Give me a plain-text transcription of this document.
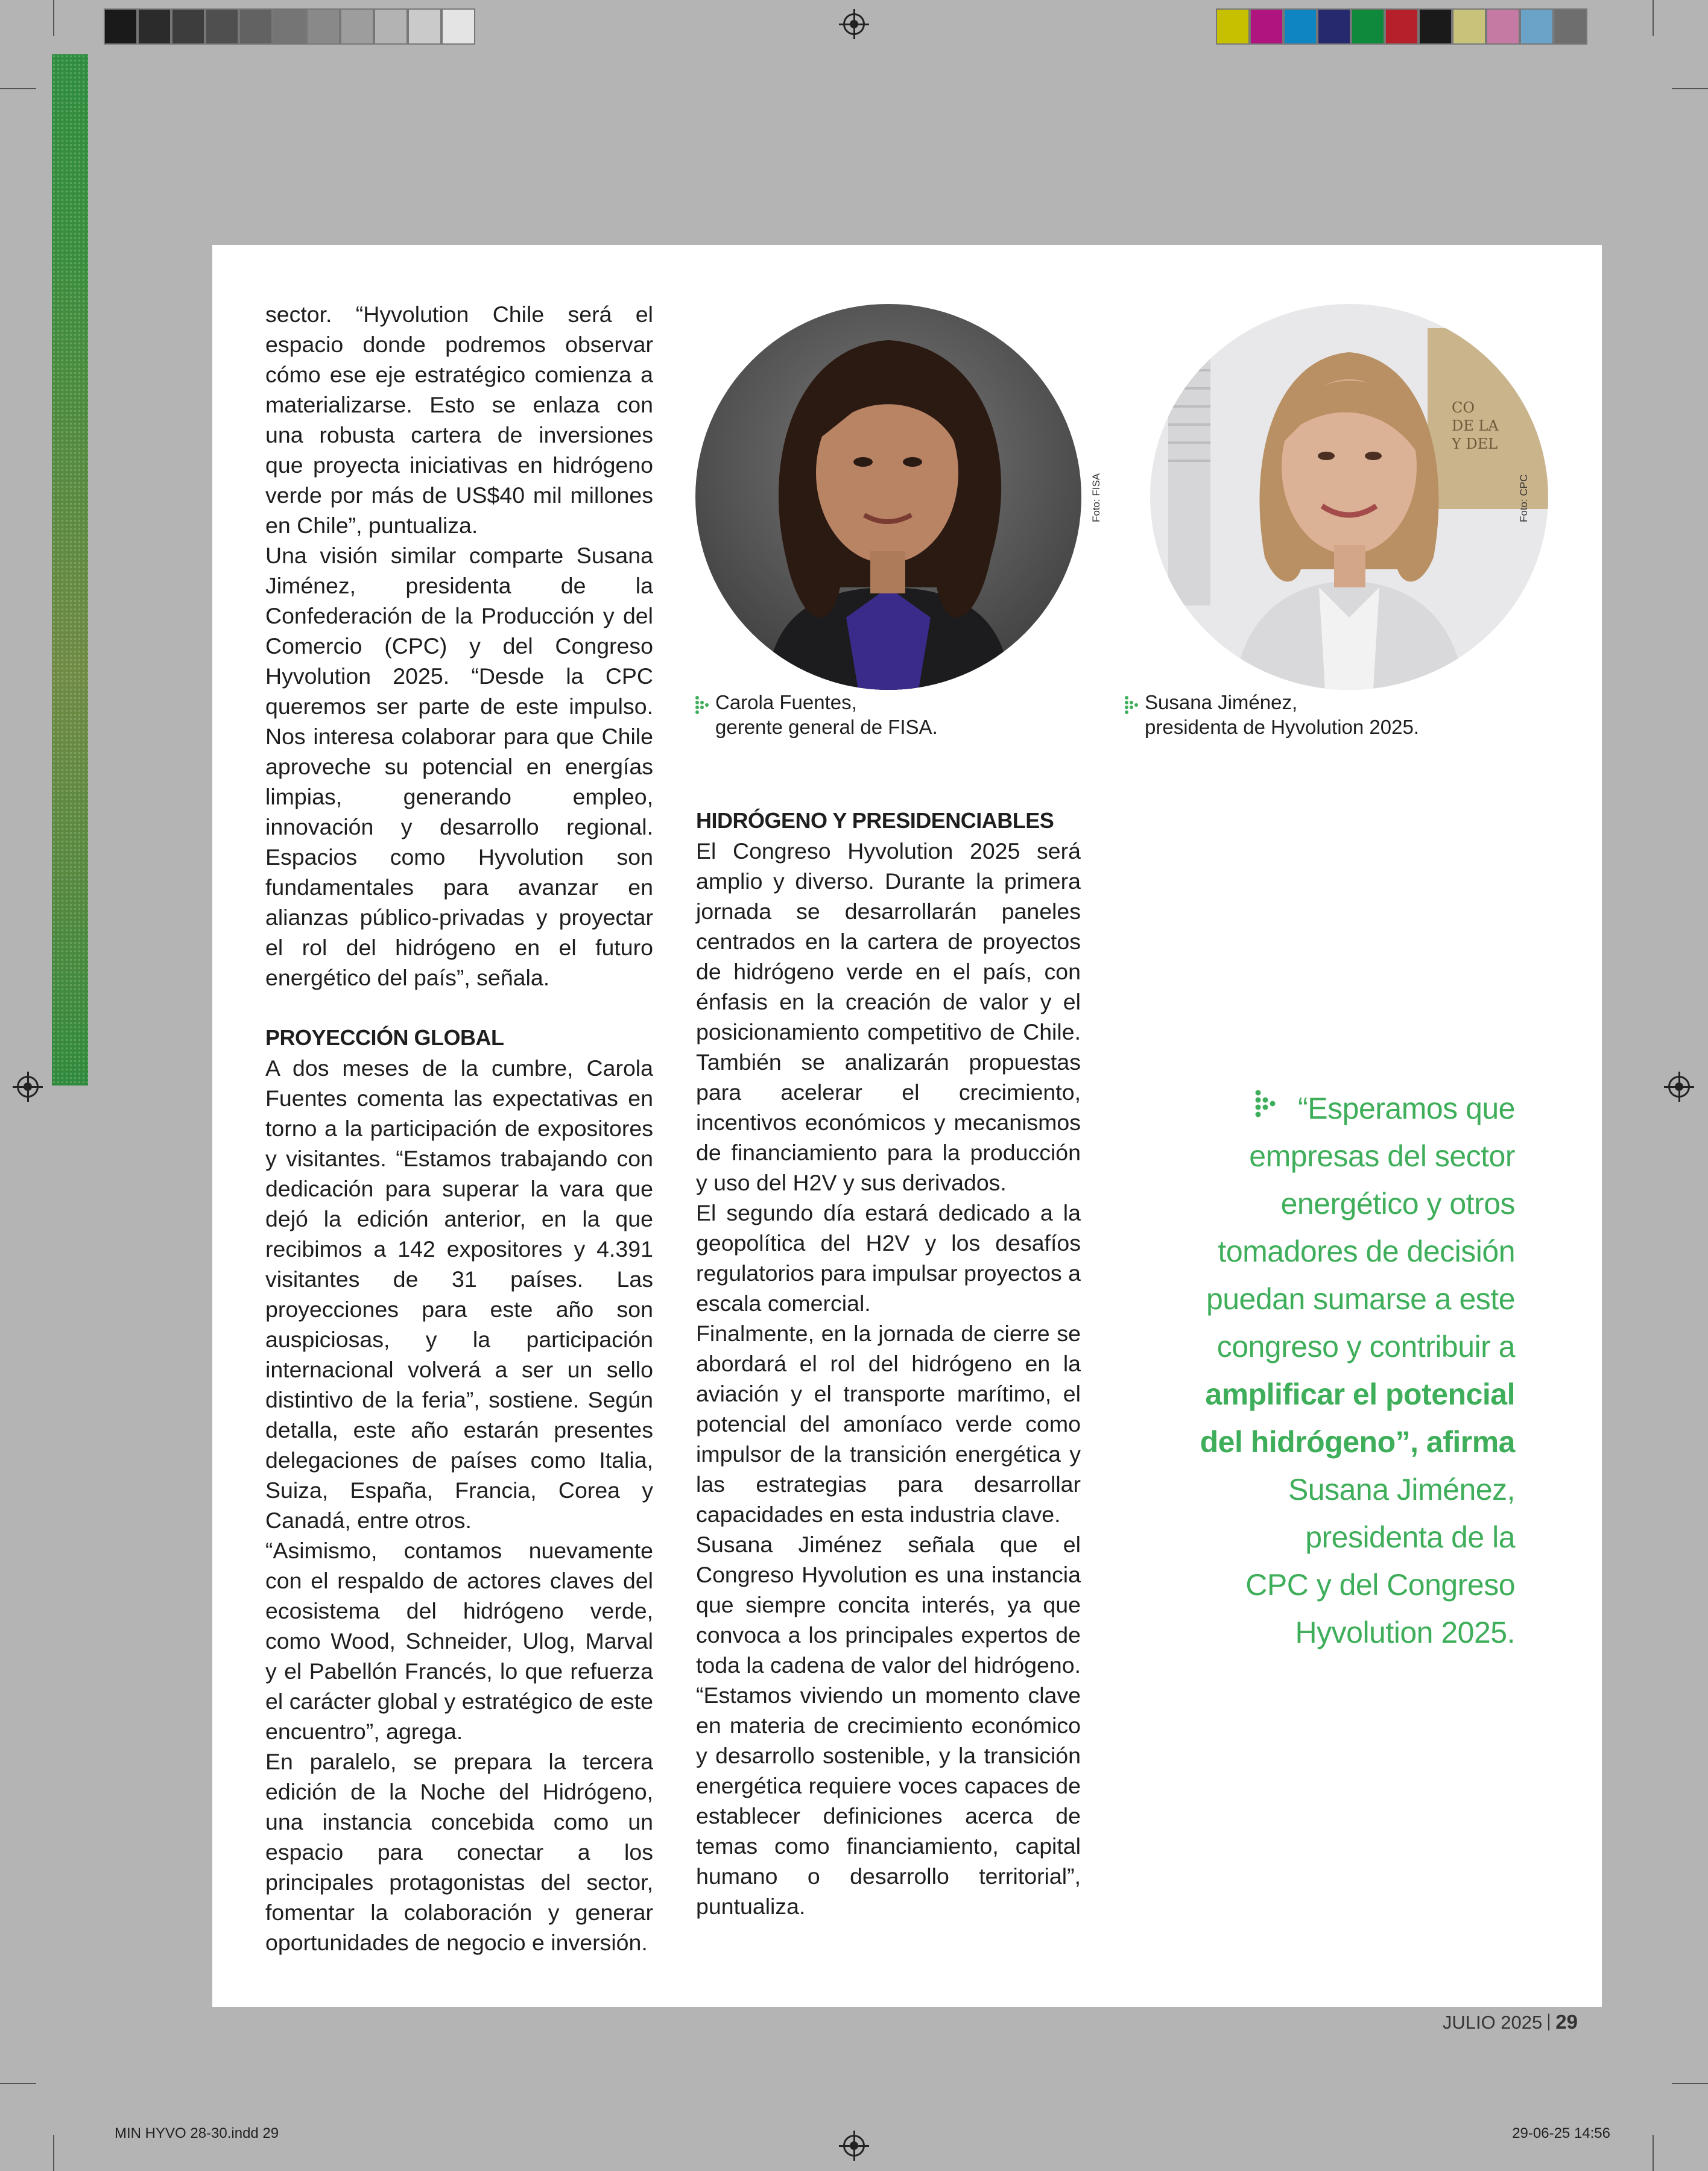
sector. “Hyvolution Chile será el espacio donde podremos observar cómo ese eje estratégico comienza a materializarse. Esto se enlaza con una robusta cartera de inversiones que proyecta iniciativas en hidrógeno verde por más de US$40 mil millones en Chile”, puntualiza.

Una visión similar comparte Susana Jiménez, presidenta de la Confederación de la Producción y del Comercio (CPC) y del Congreso Hyvolution 2025. “Desde la CPC queremos ser parte de este impulso. Nos interesa colaborar para que Chile aproveche su potencial en energías limpias, generando empleo, innovación y desarrollo regional. Espacios como Hyvolution son fundamentales para avanzar en alianzas público-privadas y proyectar el rol del hidrógeno en el futuro energético del país”, señala.

PROYECCIÓN GLOBAL

A dos meses de la cumbre, Carola Fuentes comenta las expectativas en torno a la participación de expositores y visitantes. “Estamos trabajando con dedicación para superar la vara que dejó la edición anterior, en la que recibimos a 142 expositores y 4.391 visitantes de 31 países. Las proyecciones para este año son auspiciosas, y la participación internacional volverá a ser un sello distintivo de la feria”, sostiene. Según detalla, este año estarán presentes delegaciones de países como Italia, Suiza, España, Francia, Corea y Canadá, entre otros.

“Asimismo, contamos nuevamente con el respaldo de actores claves del ecosistema del hidrógeno verde, como Wood, Schneider, Ulog, Marval y el Pabellón Francés, lo que refuerza el carácter global y estratégico de este encuentro”, agrega.

En paralelo, se prepara la tercera edición de la Noche del Hidrógeno, una instancia concebida como un espacio para conectar a los principales protagonistas del sector, fomentar la colaboración y generar oportunidades de negocio e inversión.

Foto: FISA
Carola Fuentes,
gerente general de FISA.
CO
DE LA
Y DEL
Foto: CPC
Susana Jiménez,
presidenta de Hyvolution 2025.
HIDRÓGENO Y PRESIDENCIABLES

El Congreso Hyvolution 2025 será amplio y diverso. Durante la primera jornada se desarrollarán paneles centrados en la cartera de proyectos de hidrógeno verde en el país, con énfasis en la creación de valor y el posicionamiento competitivo de Chile. También se analizarán propuestas para acelerar el crecimiento, incentivos económicos y mecanismos de financiamiento para la producción y uso del H2V y sus derivados.

El segundo día estará dedicado a la geopolítica del H2V y los desafíos regulatorios para impulsar proyectos a escala comercial.

Finalmente, en la jornada de cierre se abordará el rol del hidrógeno en la aviación y el transporte marítimo, el potencial del amoníaco verde como impulsor de la transición energética y las estrategias para desarrollar capacidades en esta industria clave.

Susana Jiménez señala que el Congreso Hyvolution es una instancia que siempre concita interés, ya que convoca a los principales expertos de toda la cadena de valor del hidrógeno. “Estamos viviendo un momento clave en materia de crecimiento económico y desarrollo sostenible, y la transición energética requiere voces capaces de establecer definiciones acerca de temas como financiamiento, capital humano o desarrollo territorial”, puntualiza.

“Esperamos que
empresas del sector
energético y otros
tomadores de decisión
puedan sumarse a este
congreso y contribuir a
amplificar el potencial
del hidrógeno”, afirma
Susana Jiménez,
presidenta de la
CPC y del Congreso
Hyvolution 2025.
JULIO 2025 29
MIN HYVO 28-30.indd 29	29-06-25 14:56
